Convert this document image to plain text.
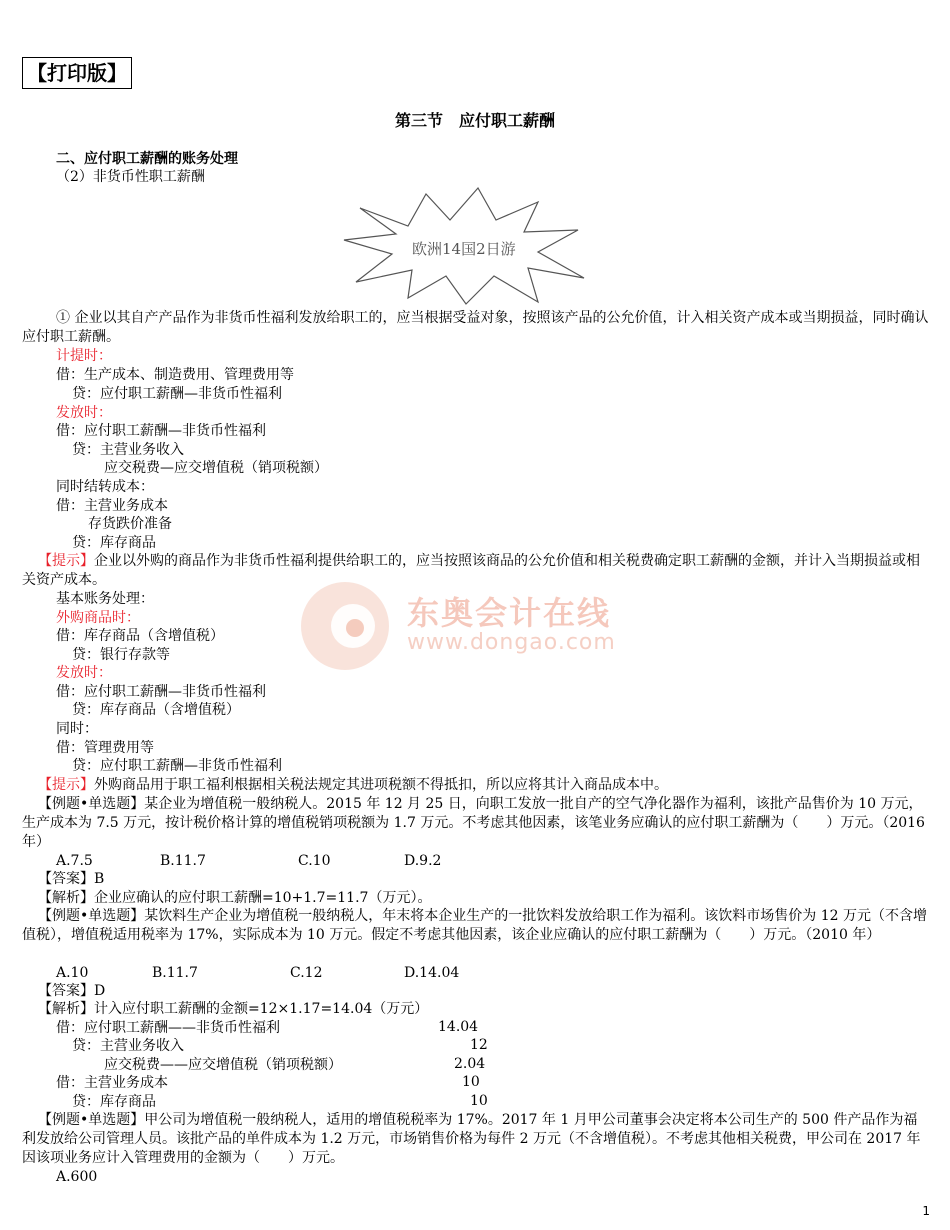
【打印版】
第三节　应付职工薪酬
二、应付职工薪酬的账务处理
（2）非货币性职工薪酬
欧洲14国2日游
① 企业以其自产产品作为非货币性福利发放给职工的，应当根据受益对象，按照该产品的公允价值，计入相关资产成本或当期损益，同时确认应付职工薪酬。
计提时：
借：生产成本、制造费用、管理费用等
贷：应付职工薪酬—非货币性福利
发放时：
借：应付职工薪酬—非货币性福利
贷：主营业务收入
应交税费—应交增值税（销项税额）
同时结转成本：
借：主营业务成本
存货跌价准备
贷：库存商品
【提示】企业以外购的商品作为非货币性福利提供给职工的，应当按照该商品的公允价值和相关税费确定职工薪酬的金额，并计入当期损益或相关资产成本。
东奥会计在线
www.dongao.com
基本账务处理：
外购商品时：
借：库存商品（含增值税）
贷：银行存款等
发放时：
借：应付职工薪酬—非货币性福利
贷：库存商品（含增值税）
同时：
借：管理费用等
贷：应付职工薪酬—非货币性福利
【提示】外购商品用于职工福利根据相关税法规定其进项税额不得抵扣，所以应将其计入商品成本中。
【例题•单选题】某企业为增值税一般纳税人。2015 年 12 月 25 日，向职工发放一批自产的空气净化器作为福利，该批产品售价为 10 万元，生产成本为 7.5 万元，按计税价格计算的增值税销项税额为 1.7 万元。不考虑其他因素，该笔业务应确认的应付职工薪酬为（　　）万元。（2016 年）
A.7.5	B.11.7	C.10	D.9.2
【答案】B
【解析】企业应确认的应付职工薪酬=10+1.7=11.7（万元）。
【例题•单选题】某饮料生产企业为增值税一般纳税人，年末将本企业生产的一批饮料发放给职工作为福利。该饮料市场售价为 12 万元（不含增值税），增值税适用税率为 17%，实际成本为 10 万元。假定不考虑其他因素，该企业应确认的应付职工薪酬为（　　）万元。（2010 年）
A.10	B.11.7	C.12	D.14.04
【答案】D
【解析】计入应付职工薪酬的金额=12×1.17=14.04（万元）
借：应付职工薪酬——非货币性福利	14.04
贷：主营业务收入	12
应交税费——应交增值税（销项税额）	2.04
借：主营业务成本	10
贷：库存商品	10
【例题•单选题】甲公司为增值税一般纳税人，适用的增值税税率为 17%。2017 年 1 月甲公司董事会决定将本公司生产的 500 件产品作为福利发放给公司管理人员。该批产品的单件成本为 1.2 万元，市场销售价格为每件 2 万元（不含增值税）。不考虑其他相关税费，甲公司在 2017 年因该项业务应计入管理费用的金额为（　　）万元。
A.600
1
